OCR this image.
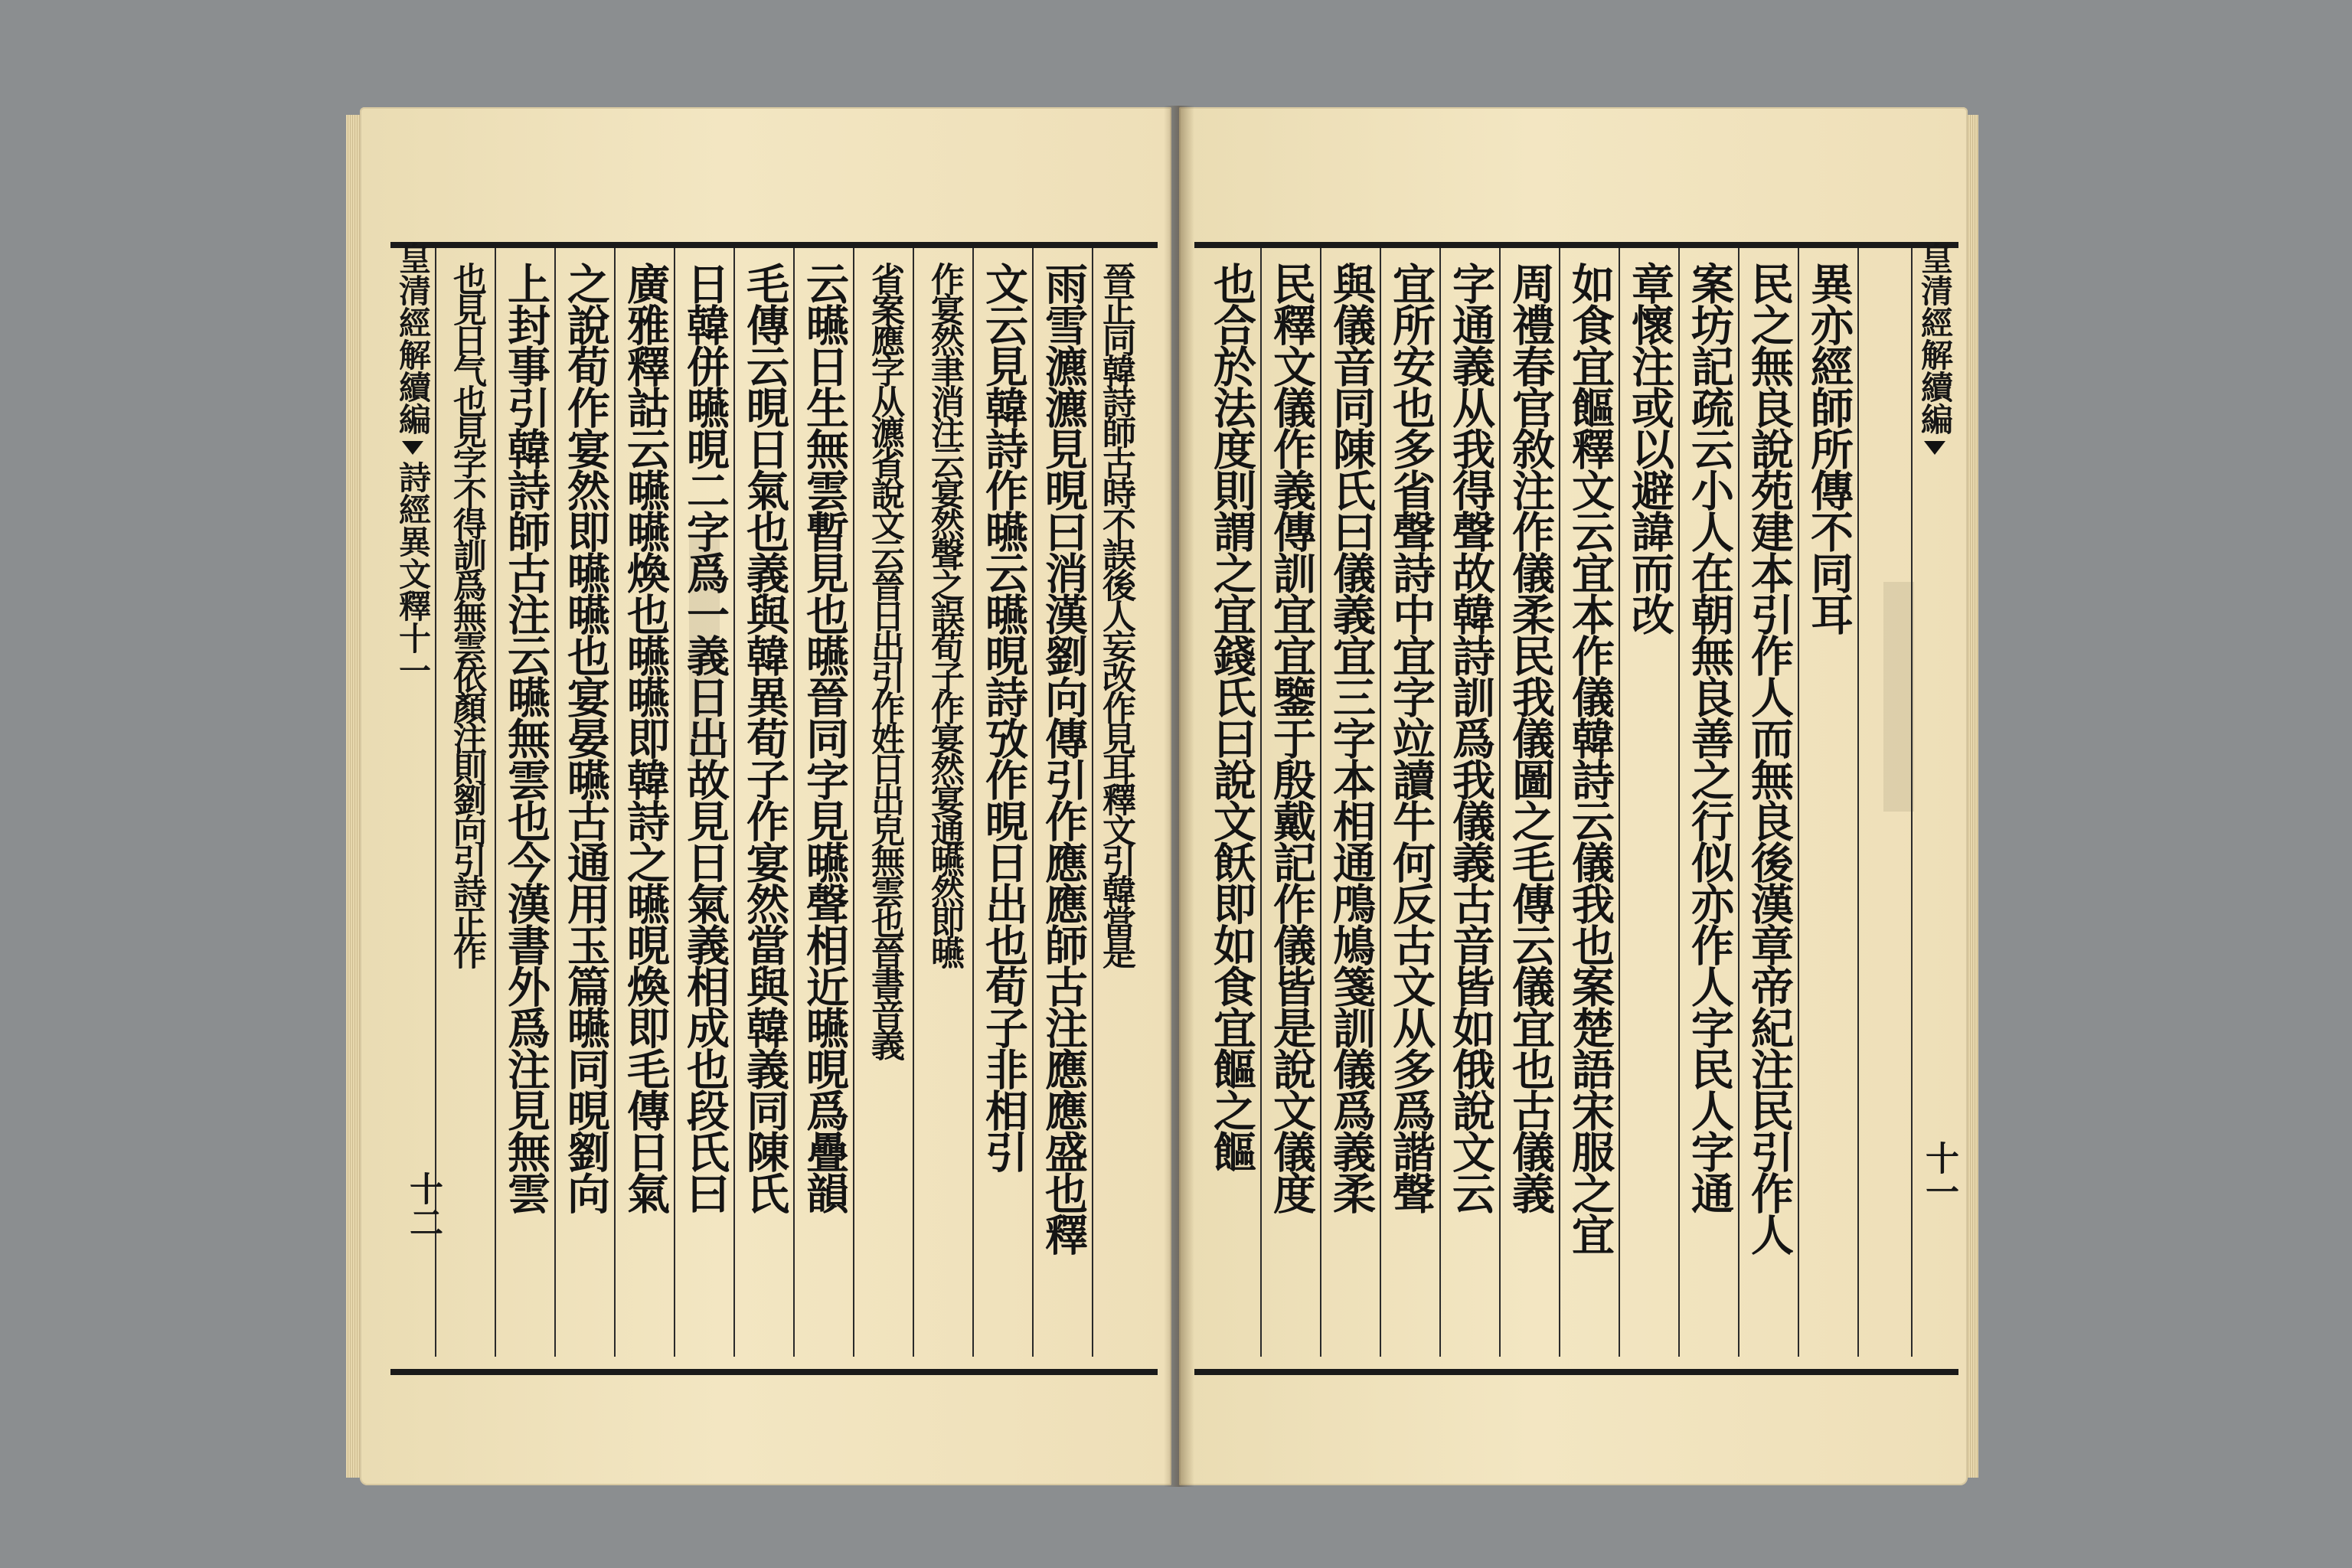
皇清經解續編詩經異文釋十一
皇清經解續編
也見日气也見字不得訓爲無雲依顏注則劉向引詩正作 上封事引韓詩師古注云曣無雲也今漢書外爲注見無雲 之說荀作宴然即曣曣也宴晏曣古通用玉篇曣同晛劉向 廣雅釋詁云曣曣煥也曣曣即韓詩之曣晛煥即毛傳日氣 日韓併曣晛二字爲一義日出故見日氣義相成也段氏曰 毛傳云晛日氣也義與韓異荀子作宴然當與韓義同陳氏 云曣日生無雲暫見也曣晉同字見曣聲相近曣晛爲疊韻 省案應字从瀌省說文云晉日出引作姓日出皃無雲也晉書音義 作宴然聿消注云宴然聲之誤荀子作宴然宴通曣然即曣 文云見韓詩作曣云曣晛詩攷作晛日出也荀子非相引 雨雪瀌瀌見晛曰消漢劉向傳引作應應師古注應應盛也釋 晉正同韓詩師古時不誤後人妄改作見耳釋文引韓當是
十二
也合於法度則謂之宜錢氏曰說文飫即如食宜饇之饇 民釋文儀作義傳訓宜宜鑒于殷戴記作儀皆是說文儀度 與儀音同陳氏曰儀義宜三字本相通鳲鳩箋訓儀爲義柔 宜所安也多省聲詩中宜字竝讀牛何反古文从多爲諧聲 字通義从我得聲故韓詩訓爲我儀義古音皆如俄說文云 周禮春官敘注作儀柔民我儀圖之毛傳云儀宜也古儀義 如食宜饇釋文云宜本作儀韓詩云儀我也案楚語宋服之宜 章懷注或以避諱而改 案坊記疏云小人在朝無良善之行似亦作人字民人字通 民之無良說苑建本引作人而無良後漢章帝紀注民引作人 異亦經師所傳不同耳
十一
